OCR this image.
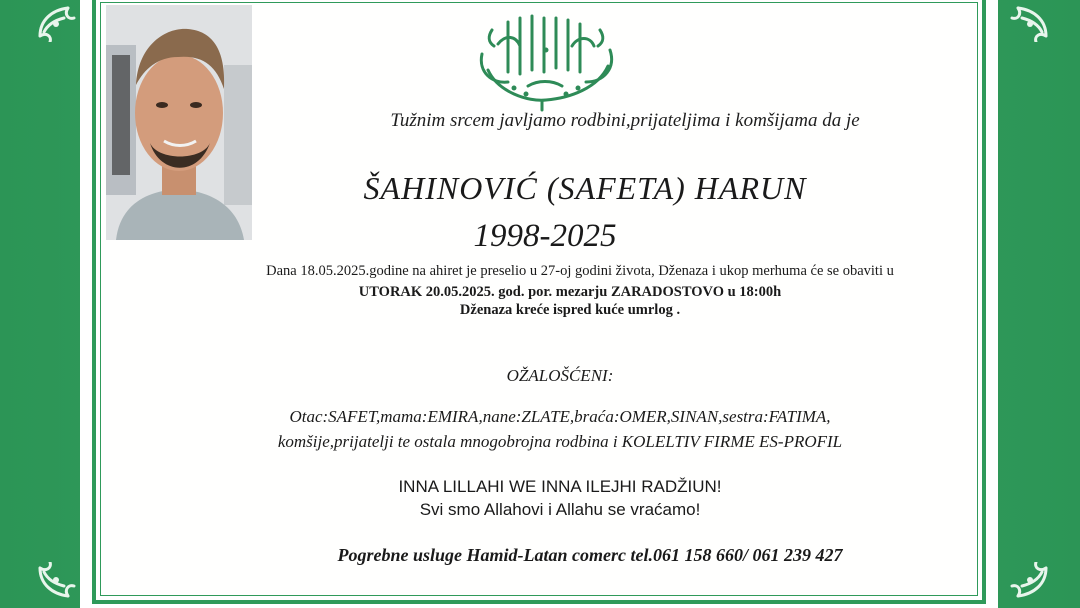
Tužnim srcem javljamo rodbini,prijateljima i komšijama da je
ŠAHINOVIĆ (SAFETA) HARUN
1998-2025
Dana 18.05.2025.godine na ahiret je preselio u 27-oj godini života, Dženaza i ukop merhuma će se obaviti u
UTORAK 20.05.2025. god. por. mezarju ZARADOSTOVO u 18:00h
Dženaza kreće ispred kuće umrlog .
OŽALOŠĆENI:
Otac:SAFET,mama:EMIRA,nane:ZLATE,braća:OMER,SINAN,sestra:FATIMA,
komšije,prijatelji te ostala mnogobrojna rodbina i KOLELTIV FIRME ES-PROFIL
INNA LILLAHI WE INNA ILEJHI RADŽIUN!
Svi smo Allahovi i Allahu se vraćamo!
Pogrebne usluge Hamid-Latan comerc tel.061 158 660/ 061 239 427
